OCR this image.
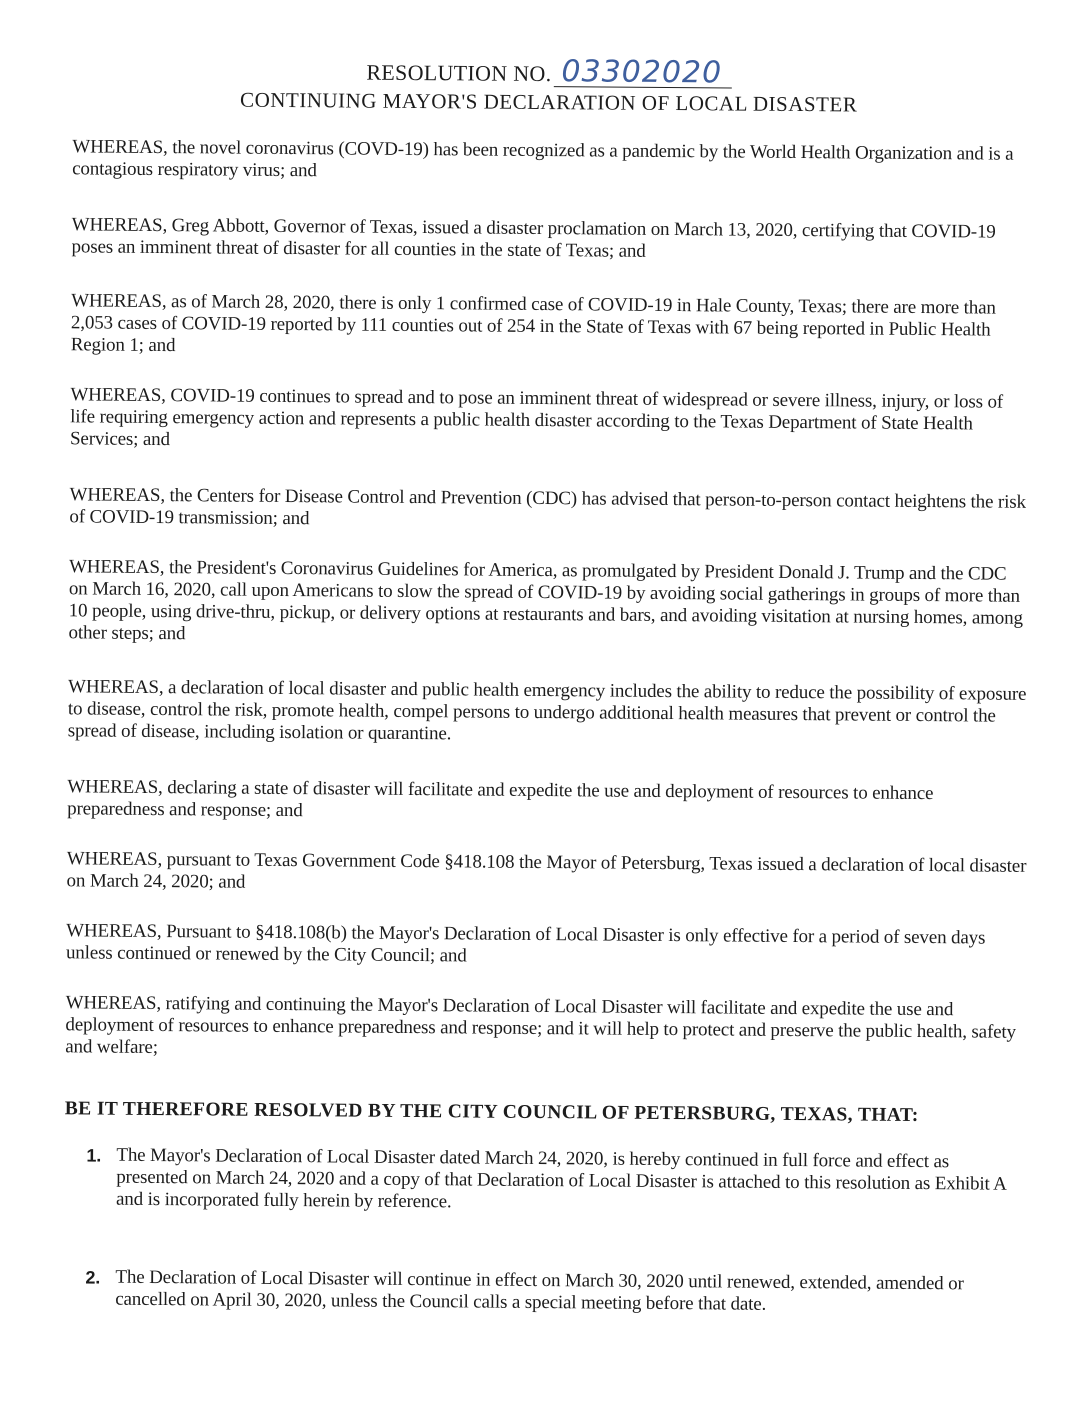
RESOLUTION NO. 03302020
CONTINUING MAYOR'S DECLARATION OF LOCAL DISASTER

WHEREAS, the novel coronavirus (COVD-19) has been recognized as a pandemic by the World Health Organization and is a contagious respiratory virus; and

WHEREAS, Greg Abbott, Governor of Texas, issued a disaster proclamation on March 13, 2020, certifying that COVID-19 poses an imminent threat of disaster for all counties in the state of Texas; and

WHEREAS, as of March 28, 2020, there is only 1 confirmed case of COVID-19 in Hale County, Texas; there are more than 2,053 cases of COVID-19 reported by 111 counties out of 254 in the State of Texas with 67 being reported in Public Health Region 1; and

WHEREAS, COVID-19 continues to spread and to pose an imminent threat of widespread or severe illness, injury, or loss of life requiring emergency action and represents a public health disaster according to the Texas Department of State Health Services; and

WHEREAS, the Centers for Disease Control and Prevention (CDC) has advised that person-to-person contact heightens the risk of COVID-19 transmission; and

WHEREAS, the President's Coronavirus Guidelines for America, as promulgated by President Donald J. Trump and the CDC on March 16, 2020, call upon Americans to slow the spread of COVID-19 by avoiding social gatherings in groups of more than 10 people, using drive-thru, pickup, or delivery options at restaurants and bars, and avoiding visitation at nursing homes, among other steps; and

WHEREAS, a declaration of local disaster and public health emergency includes the ability to reduce the possibility of exposure to disease, control the risk, promote health, compel persons to undergo additional health measures that prevent or control the spread of disease, including isolation or quarantine.

WHEREAS, declaring a state of disaster will facilitate and expedite the use and deployment of resources to enhance preparedness and response; and

WHEREAS, pursuant to Texas Government Code §418.108 the Mayor of Petersburg, Texas issued a declaration of local disaster on March 24, 2020; and

WHEREAS, Pursuant to §418.108(b) the Mayor's Declaration of Local Disaster is only effective for a period of seven days unless continued or renewed by the City Council; and

WHEREAS, ratifying and continuing the Mayor's Declaration of Local Disaster will facilitate and expedite the use and deployment of resources to enhance preparedness and response; and it will help to protect and preserve the public health, safety and welfare;

BE IT THEREFORE RESOLVED BY THE CITY COUNCIL OF PETERSBURG, TEXAS, THAT:
1. The Mayor's Declaration of Local Disaster dated March 24, 2020, is hereby continued in full force and effect as presented on March 24, 2020 and a copy of that Declaration of Local Disaster is attached to this resolution as Exhibit A and is incorporated fully herein by reference.
2. The Declaration of Local Disaster will continue in effect on March 30, 2020 until renewed, extended, amended or cancelled on April 30, 2020, unless the Council calls a special meeting before that date.
